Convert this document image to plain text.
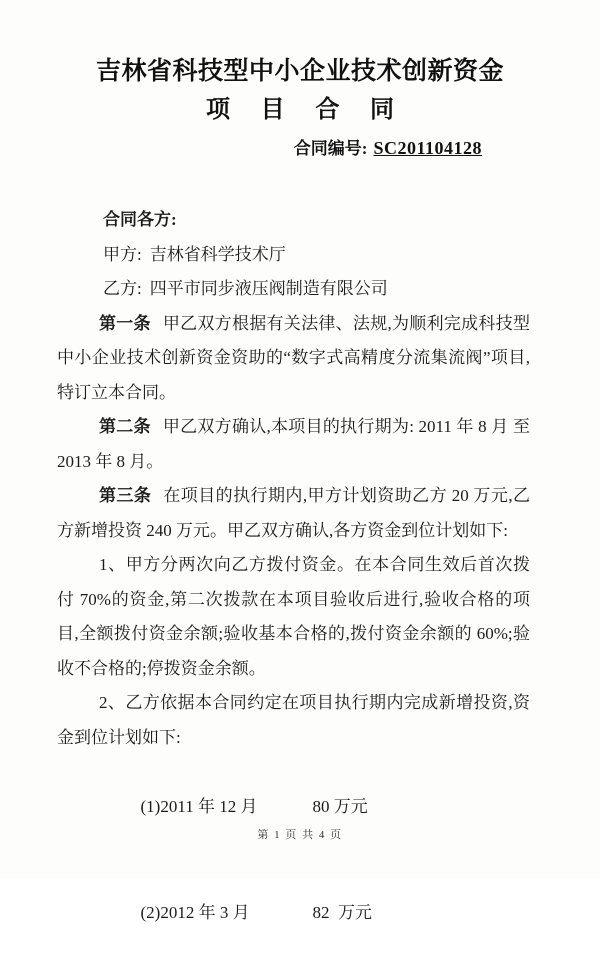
吉林省科技型中小企业技术创新资金
项 目 合 同
合同编号: SC201104128
合同各方:
甲方: 吉林省科学技术厅
乙方: 四平市同步液压阀制造有限公司

第一条 甲乙双方根据有关法律、法规,为顺利完成科技型中小企业技术创新资金资助的“数字式高精度分流集流阀”项目,特订立本合同。

第二条 甲乙双方确认,本项目的执行期为: 2011 年 8 月 至 2013 年 8 月。

第三条 在项目的执行期内,甲方计划资助乙方 20 万元,乙方新增投资 240 万元。甲乙双方确认,各方资金到位计划如下:

1、甲方分两次向乙方拨付资金。在本合同生效后首次拨付 70%的资金,第二次拨款在本项目验收后进行,验收合格的项目,全额拨付资金余额;验收基本合格的,拨付资金余额的 60%;验收不合格的;停拨资金余额。

2、乙方依据本合同约定在项目执行期内完成新增投资,资金到位计划如下:

(1)2011 年 12 月	80 万元

(2)2012 年 3 月	82  万元

第 1 页 共 4 页
